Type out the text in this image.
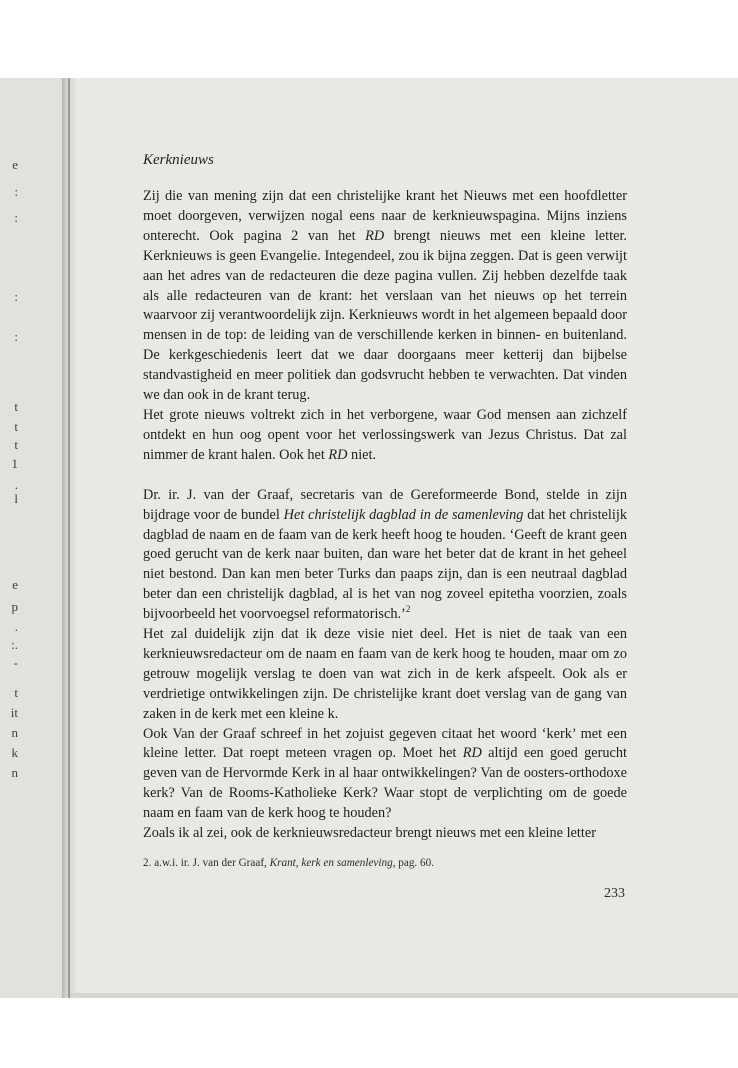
e
:
:
:
:
t
t
t
1
.
l
e
p
.
:.
-
t
it
n
k
n
Kerknieuws

Zij die van mening zijn dat een christelijke krant het Nieuws met een hoofdletter moet doorgeven, verwijzen nogal eens naar de kerknieuwspagina. Mijns inziens onterecht. Ook pagina 2 van het RD brengt nieuws met een kleine letter. Kerknieuws is geen Evangelie. Integendeel, zou ik bijna zeggen. Dat is geen verwijt aan het adres van de redacteuren die deze pagina vullen. Zij hebben dezelfde taak als alle redacteuren van de krant: het verslaan van het nieuws op het terrein waarvoor zij verantwoordelijk zijn. Kerknieuws wordt in het algemeen bepaald door mensen in de top: de leiding van de verschillende kerken in binnen- en buitenland. De kerkgeschiedenis leert dat we daar doorgaans meer ketterij dan bijbelse standvastigheid en meer politiek dan godsvrucht hebben te verwachten. Dat vinden we dan ook in de krant terug.

Het grote nieuws voltrekt zich in het verborgene, waar God mensen aan zichzelf ontdekt en hun oog opent voor het verlossingswerk van Jezus Christus. Dat zal nimmer de krant halen. Ook het RD niet.

Dr. ir. J. van der Graaf, secretaris van de Gereformeerde Bond, stelde in zijn bijdrage voor de bundel Het christelijk dagblad in de samenleving dat het christelijk dagblad de naam en de faam van de kerk heeft hoog te houden. ‘Geeft de krant geen goed gerucht van de kerk naar buiten, dan ware het beter dat de krant in het geheel niet bestond. Dan kan men beter Turks dan paaps zijn, dan is een neutraal dagblad beter dan een christelijk dagblad, al is het van nog zoveel epitetha voorzien, zoals bijvoorbeeld het voorvoegsel reformatorisch.’$^2$

Het zal duidelijk zijn dat ik deze visie niet deel. Het is niet de taak van een kerknieuwsredacteur om de naam en faam van de kerk hoog te houden, maar om zo getrouw mogelijk verslag te doen van wat zich in de kerk afspeelt. Ook als er verdrietige ontwikkelingen zijn. De christelijke krant doet verslag van de gang van zaken in de kerk met een kleine k.

Ook Van der Graaf schreef in het zojuist gegeven citaat het woord ‘kerk’ met een kleine letter. Dat roept meteen vragen op. Moet het RD altijd een goed gerucht geven van de Hervormde Kerk in al haar ontwikkelingen? Van de oosters-orthodoxe kerk? Van de Rooms-Katholieke Kerk? Waar stopt de verplichting om de goede naam en faam van de kerk hoog te houden?

Zoals ik al zei, ook de kerknieuwsredacteur brengt nieuws met een kleine letter

2. a.w.i. ir. J. van der Graaf, Krant, kerk en samenleving, pag. 60.
233
